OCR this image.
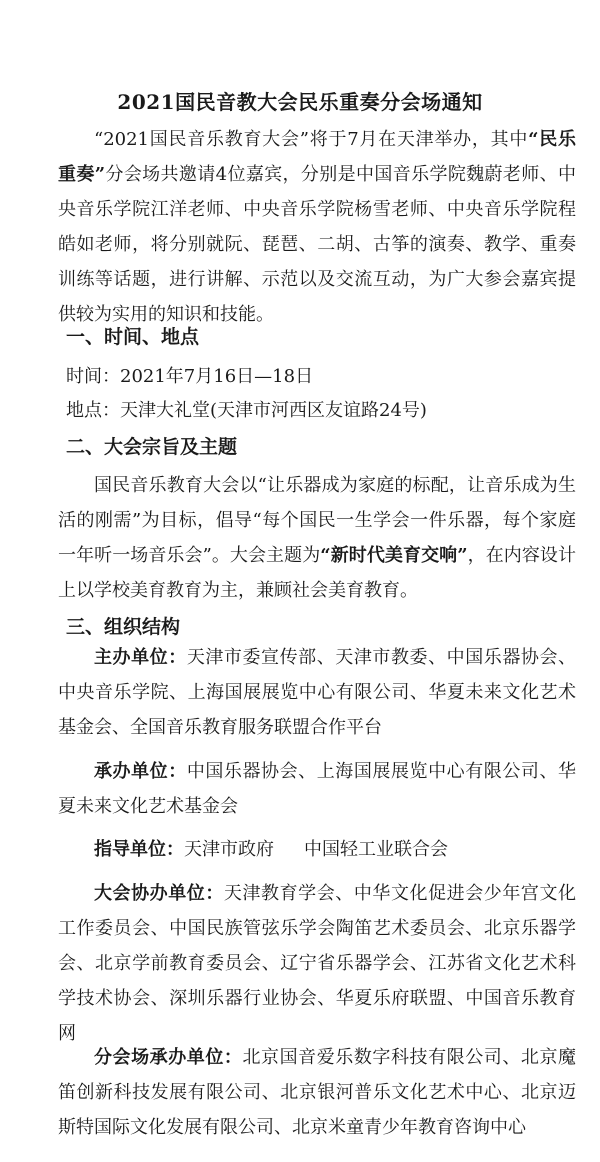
2021国民音教大会民乐重奏分会场通知
“2021国民音乐教育大会”将于7月在天津举办，其中“民乐重奏”分会场共邀请4位嘉宾，分别是中国音乐学院魏蔚老师、中央音乐学院江洋老师、中央音乐学院杨雪老师、中央音乐学院程皓如老师，将分别就阮、琵琶、二胡、古筝的演奏、教学、重奏训练等话题，进行讲解、示范以及交流互动，为广大参会嘉宾提供较为实用的知识和技能。
一、时间、地点
时间：2021年7月16日—18日
地点：天津大礼堂(天津市河西区友谊路24号)
二、大会宗旨及主题
国民音乐教育大会以“让乐器成为家庭的标配，让音乐成为生活的刚需”为目标，倡导“每个国民一生学会一件乐器，每个家庭一年听一场音乐会”。大会主题为“新时代美育交响”，在内容设计上以学校美育教育为主，兼顾社会美育教育。
三、组织结构
主办单位：天津市委宣传部、天津市教委、中国乐器协会、中央音乐学院、上海国展展览中心有限公司、华夏未来文化艺术基金会、全国音乐教育服务联盟合作平台
承办单位：中国乐器协会、上海国展展览中心有限公司、华夏未来文化艺术基金会
指导单位：天津市政府 中国轻工业联合会
大会协办单位：天津教育学会、中华文化促进会少年宫文化工作委员会、中国民族管弦乐学会陶笛艺术委员会、北京乐器学会、北京学前教育委员会、辽宁省乐器学会、江苏省文化艺术科学技术协会、深圳乐器行业协会、华夏乐府联盟、中国音乐教育网
分会场承办单位：北京国音爱乐数字科技有限公司、北京魔笛创新科技发展有限公司、北京银河普乐文化艺术中心、北京迈斯特国际文化发展有限公司、北京米童青少年教育咨询中心
